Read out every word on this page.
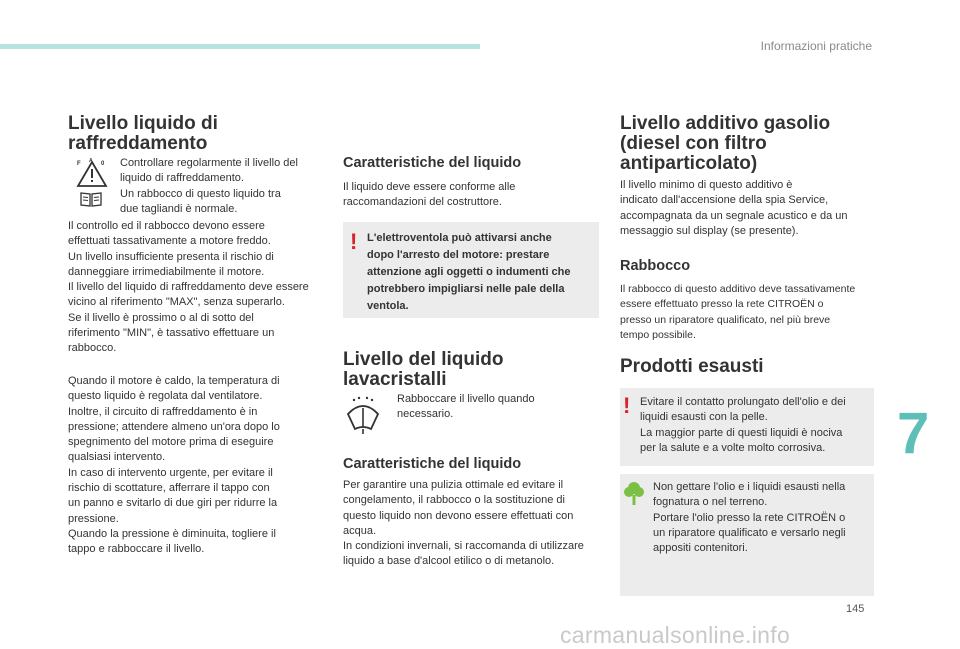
Informazioni pratiche
Livello liquido di
raffreddamento
F A 0 Controllare regolarmente il livello del
liquido di raffreddamento.
Un rabbocco di questo liquido tra
due tagliandi è normale.

Il controllo ed il rabbocco devono essere
effettuati tassativamente a motore freddo.
Un livello insufficiente presenta il rischio di
danneggiare irrimediabilmente il motore.
Il livello del liquido di raffreddamento deve essere
vicino al riferimento "MAX", senza superarlo.
Se il livello è prossimo o al di sotto del
riferimento "MIN", è tassativo effettuare un
rabbocco.

Quando il motore è caldo, la temperatura di
questo liquido è regolata dal ventilatore.
Inoltre, il circuito di raffreddamento è in
pressione; attendere almeno un'ora dopo lo
spegnimento del motore prima di eseguire
qualsiasi intervento.
In caso di intervento urgente, per evitare il
rischio di scottature, afferrare il tappo con
un panno e svitarlo di due giri per ridurre la
pressione.
Quando la pressione è diminuita, togliere il
tappo e rabboccare il livello.

Caratteristiche del liquido

Il liquido deve essere conforme alle
raccomandazioni del costruttore.

! L'elettroventola può attivarsi anche
dopo l'arresto del motore: prestare
attenzione agli oggetti o indumenti che
potrebbero impigliarsi nelle pale della
ventola.

Livello del liquido
lavacristalli

Rabboccare il livello quando
necessario.

Caratteristiche del liquido

Per garantire una pulizia ottimale ed evitare il
congelamento, il rabbocco o la sostituzione di
questo liquido non devono essere effettuati con
acqua.
In condizioni invernali, si raccomanda di utilizzare
liquido a base d'alcool etilico o di metanolo.

Livello additivo gasolio
(diesel con filtro
antiparticolato)

Il livello minimo di questo additivo è
indicato dall'accensione della spia Service,
accompagnata da un segnale acustico e da un
messaggio sul display (se presente).

Rabbocco

Il rabbocco di questo additivo deve tassativamente
essere effettuato presso la rete CITROËN o
presso un riparatore qualificato, nel più breve
tempo possibile.

Prodotti esausti
! Evitare il contatto prolungato dell'olio e dei
liquidi esausti con la pelle.
La maggior parte di questi liquidi è nociva
per la salute e a volte molto corrosiva.

Non gettare l'olio e i liquidi esausti nella
fognatura o nel terreno.
Portare l'olio presso la rete CITROËN o
un riparatore qualificato e versarlo negli
appositi contenitori.

7
145
carmanualsonline.info
